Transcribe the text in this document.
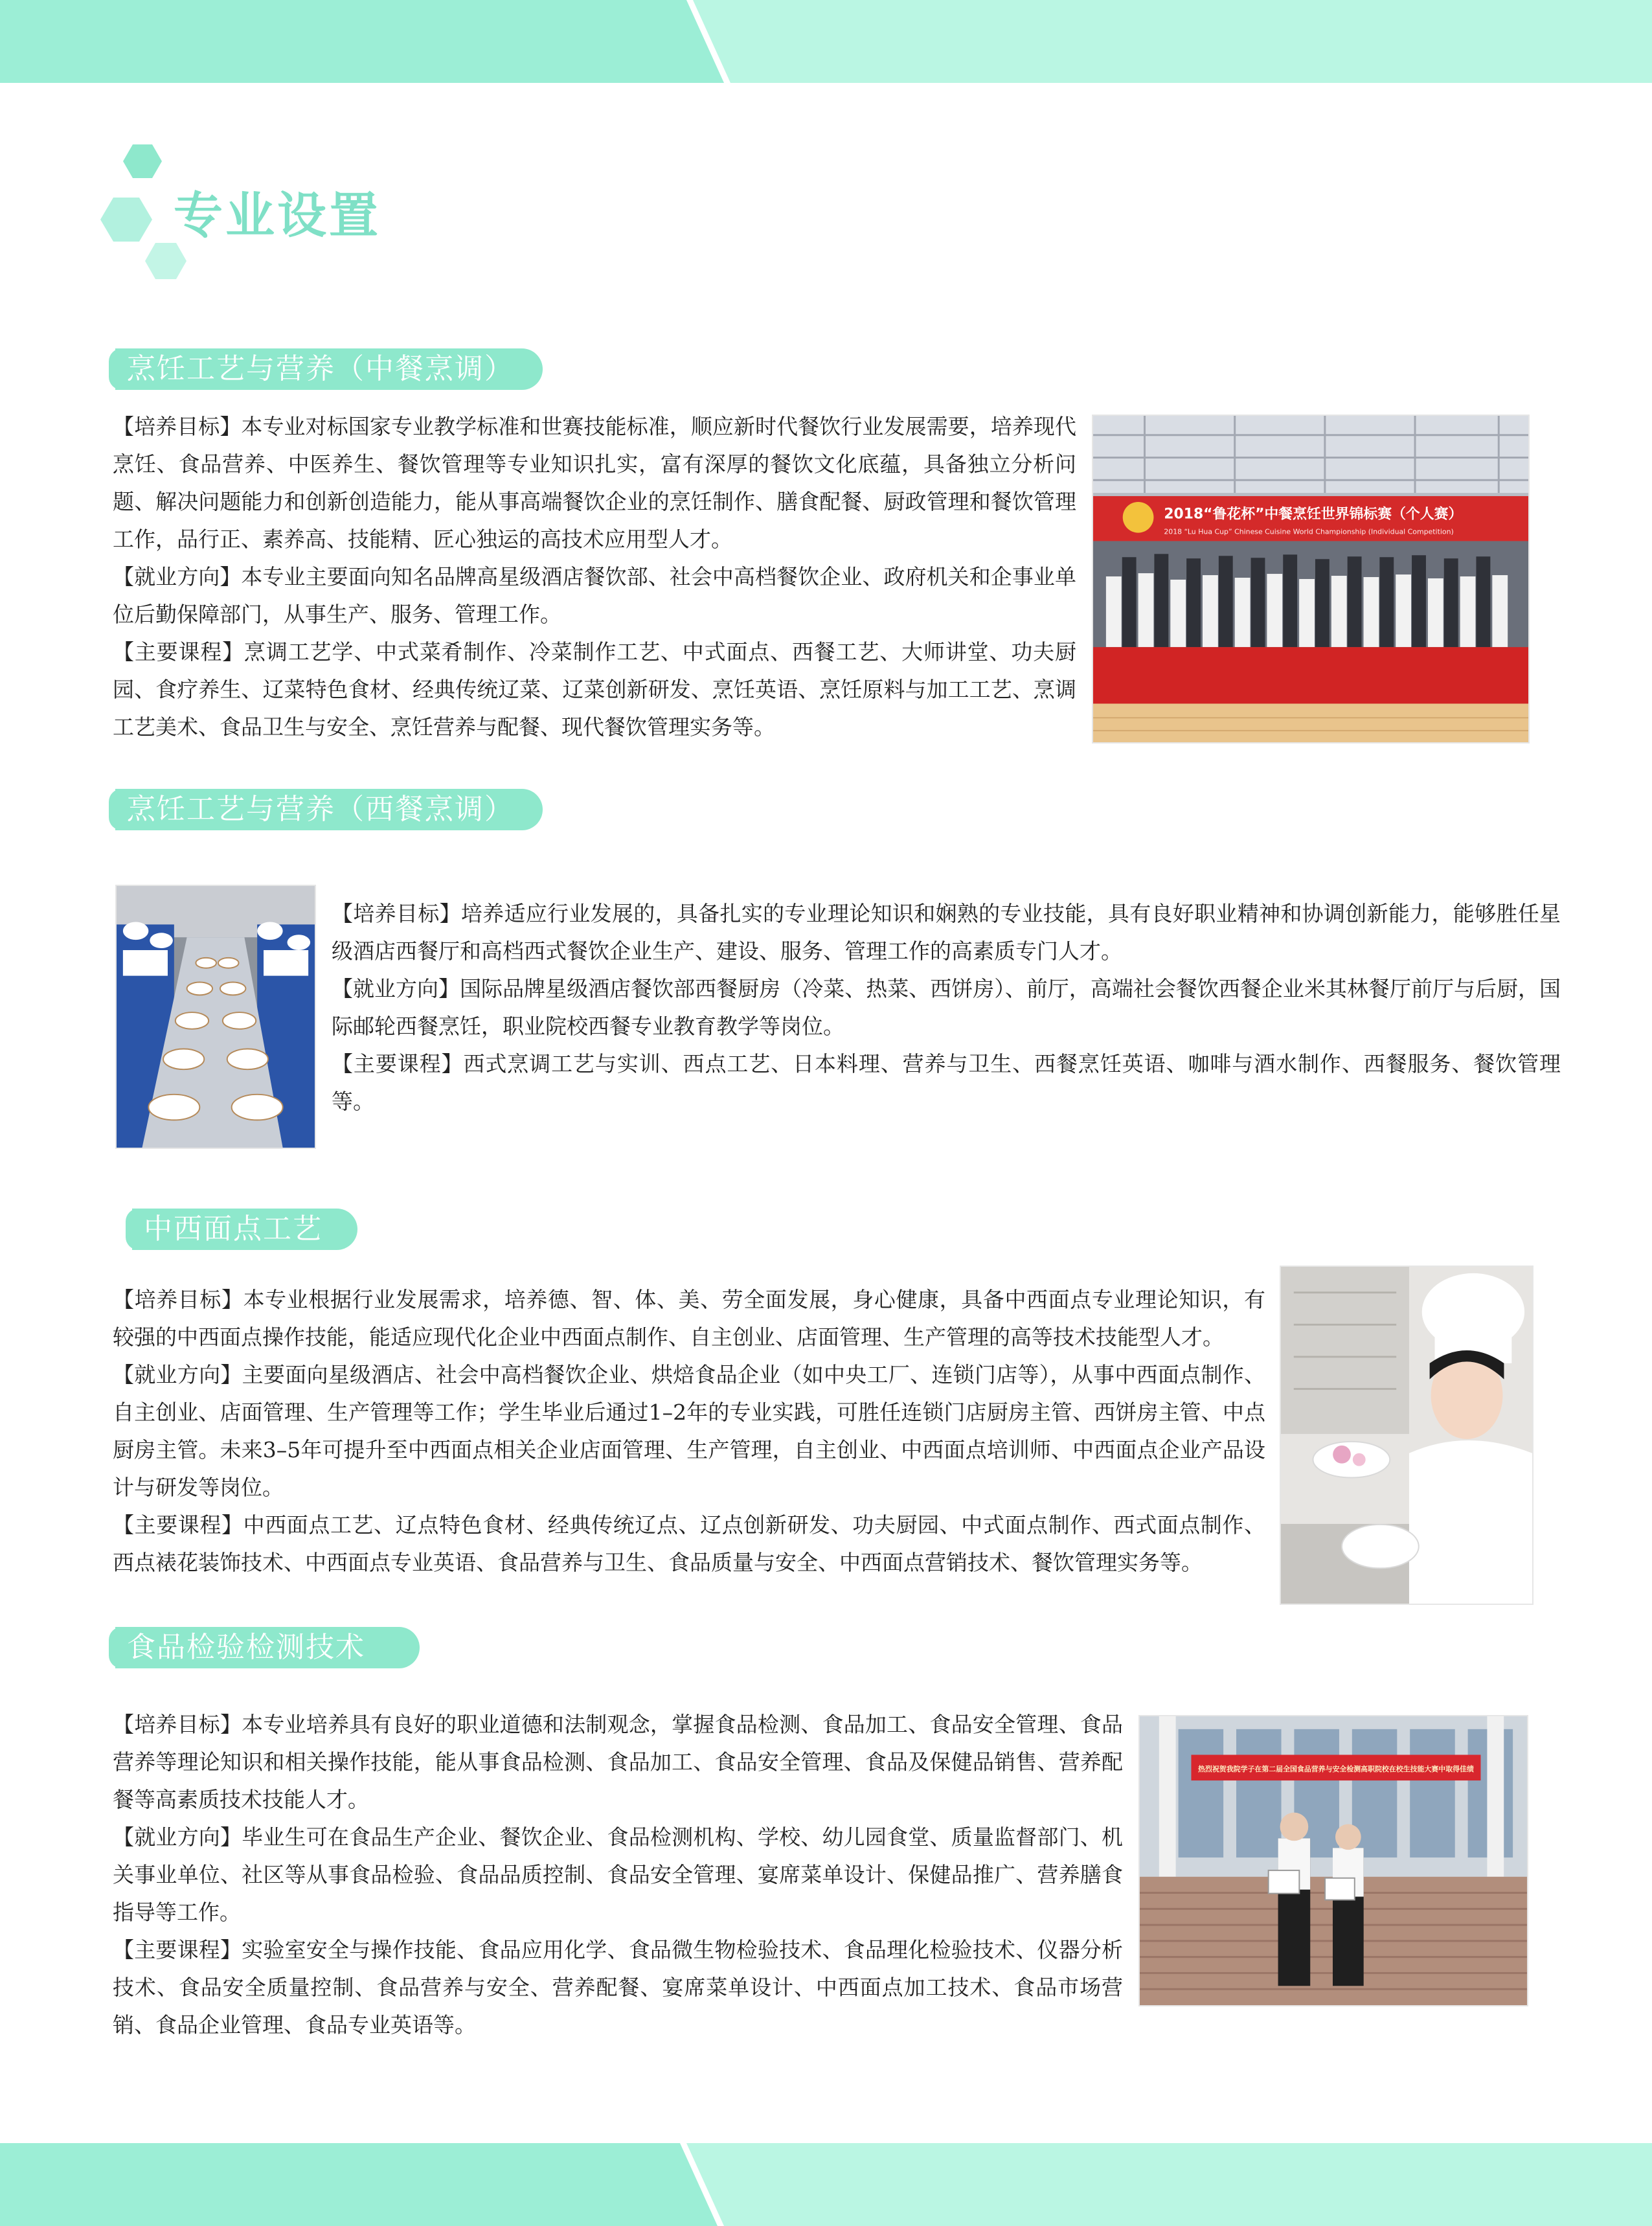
专业设置
烹饪工艺与营养（中餐烹调）

【培养目标】本专业对标国家专业教学标准和世赛技能标准，顺应新时代餐饮行业发展需要，培养现代烹饪、食品营养、中医养生、餐饮管理等专业知识扎实，富有深厚的餐饮文化底蕴，具备独立分析问题、解决问题能力和创新创造能力，能从事高端餐饮企业的烹饪制作、膳食配餐、厨政管理和餐饮管理工作，品行正、素养高、技能精、匠心独运的高技术应用型人才。

【就业方向】本专业主要面向知名品牌高星级酒店餐饮部、社会中高档餐饮企业、政府机关和企事业单位后勤保障部门，从事生产、服务、管理工作。

【主要课程】烹调工艺学、中式菜肴制作、冷菜制作工艺、中式面点、西餐工艺、大师讲堂、功夫厨园、食疗养生、辽菜特色食材、经典传统辽菜、辽菜创新研发、烹饪英语、烹饪原料与加工工艺、烹调工艺美术、食品卫生与安全、烹饪营养与配餐、现代餐饮管理实务等。

2018“鲁花杯”中餐烹饪世界锦标赛（个人赛）
2018 “Lu Hua Cup” Chinese Cuisine World Championship (Individual Competition)
烹饪工艺与营养（西餐烹调）

【培养目标】培养适应行业发展的，具备扎实的专业理论知识和娴熟的专业技能，具有良好职业精神和协调创新能力，能够胜任星级酒店西餐厅和高档西式餐饮企业生产、建设、服务、管理工作的高素质专门人才。

【就业方向】国际品牌星级酒店餐饮部西餐厨房（冷菜、热菜、西饼房）、前厅，高端社会餐饮西餐企业米其林餐厅前厅与后厨，国际邮轮西餐烹饪，职业院校西餐专业教育教学等岗位。

【主要课程】西式烹调工艺与实训、西点工艺、日本料理、营养与卫生、西餐烹饪英语、咖啡与酒水制作、西餐服务、餐饮管理等。

中西面点工艺

【培养目标】本专业根据行业发展需求，培养德、智、体、美、劳全面发展，身心健康，具备中西面点专业理论知识，有较强的中西面点操作技能，能适应现代化企业中西面点制作、自主创业、店面管理、生产管理的高等技术技能型人才。

【就业方向】主要面向星级酒店、社会中高档餐饮企业、烘焙食品企业（如中央工厂、连锁门店等），从事中西面点制作、自主创业、店面管理、生产管理等工作；学生毕业后通过1–2年的专业实践，可胜任连锁门店厨房主管、西饼房主管、中点厨房主管。未来3–5年可提升至中西面点相关企业店面管理、生产管理，自主创业、中西面点培训师、中西面点企业产品设计与研发等岗位。

【主要课程】中西面点工艺、辽点特色食材、经典传统辽点、辽点创新研发、功夫厨园、中式面点制作、西式面点制作、西点裱花装饰技术、中西面点专业英语、食品营养与卫生、食品质量与安全、中西面点营销技术、餐饮管理实务等。

食品检验检测技术

【培养目标】本专业培养具有良好的职业道德和法制观念，掌握食品检测、食品加工、食品安全管理、食品营养等理论知识和相关操作技能，能从事食品检测、食品加工、食品安全管理、食品及保健品销售、营养配餐等高素质技术技能人才。

【就业方向】毕业生可在食品生产企业、餐饮企业、食品检测机构、学校、幼儿园食堂、质量监督部门、机关事业单位、社区等从事食品检验、食品品质控制、食品安全管理、宴席菜单设计、保健品推广、营养膳食指导等工作。

【主要课程】实验室安全与操作技能、食品应用化学、食品微生物检验技术、食品理化检验技术、仪器分析技术、食品安全质量控制、食品营养与安全、营养配餐、宴席菜单设计、中西面点加工技术、食品市场营销、食品企业管理、食品专业英语等。

热烈祝贺我院学子在第二届全国食品营养与安全检测高职院校在校生技能大赛中取得佳绩
